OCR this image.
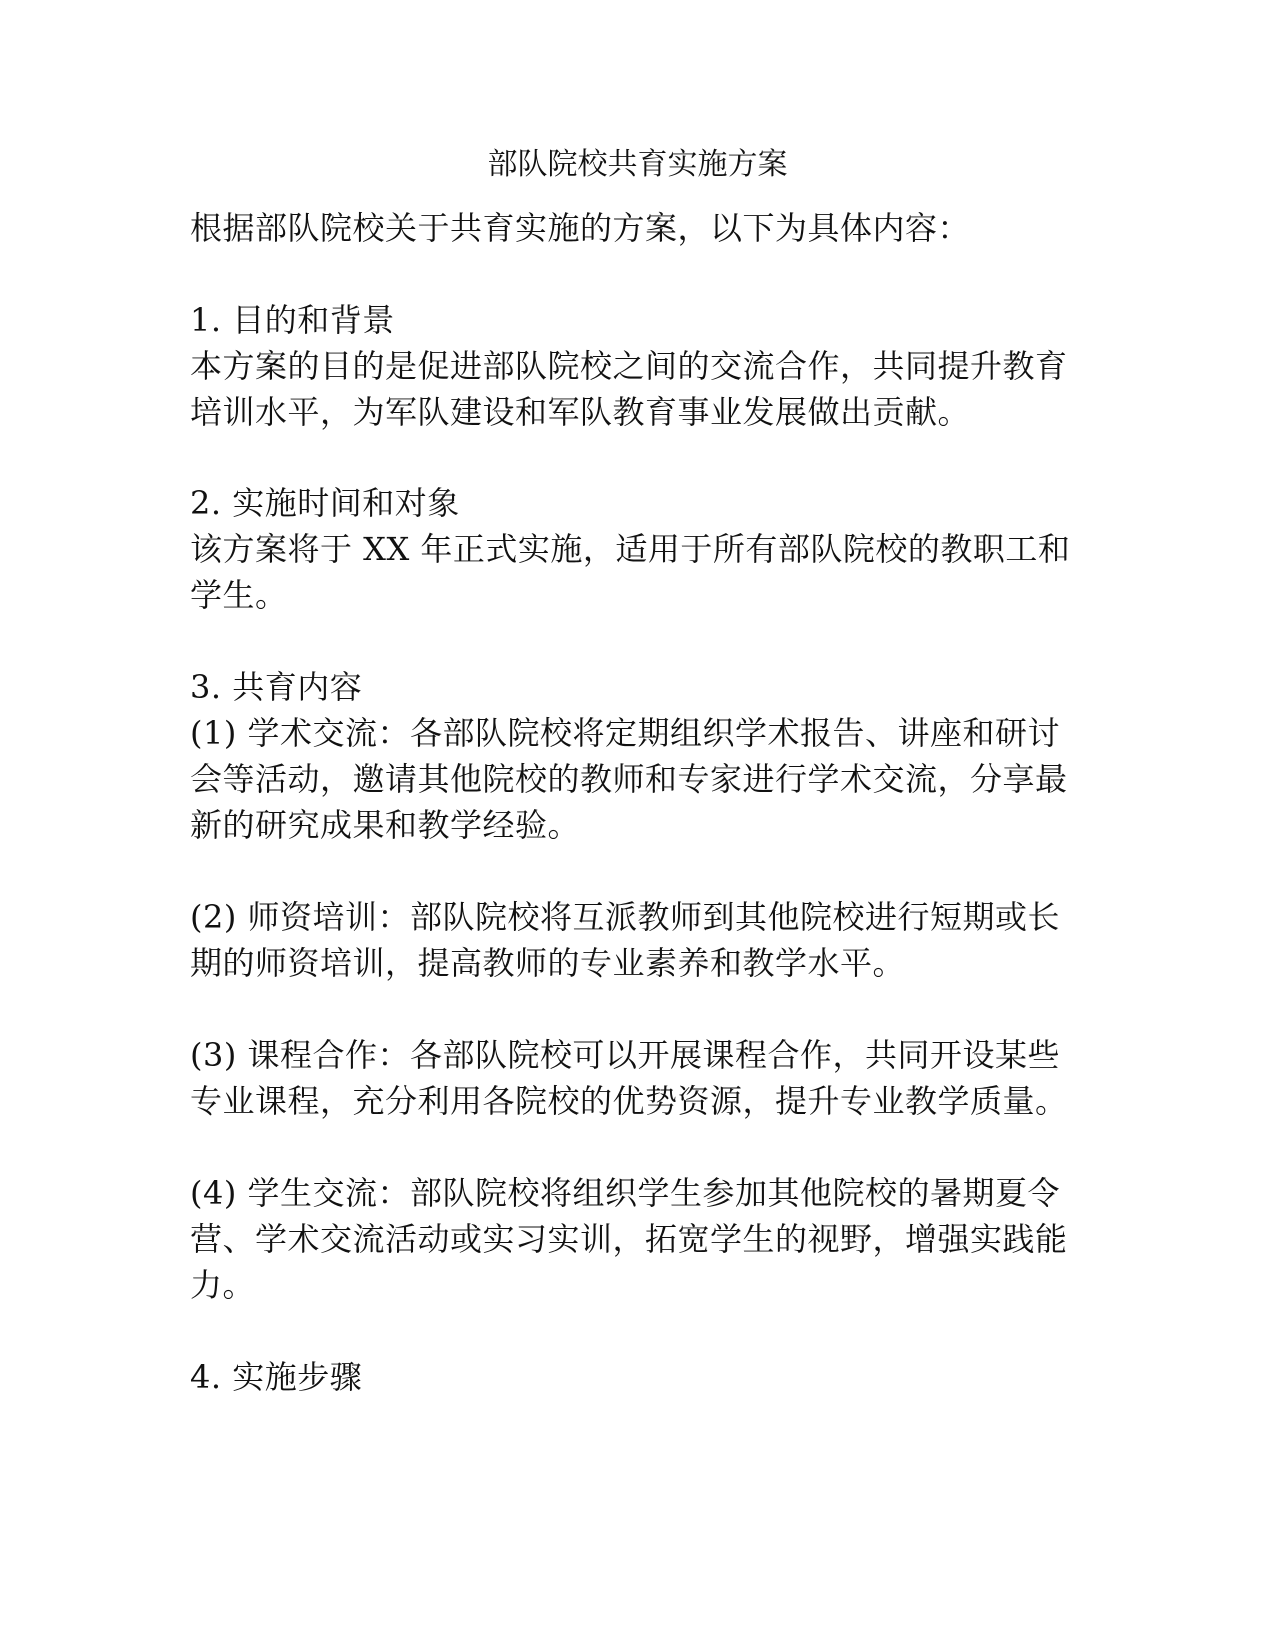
部队院校共育实施方案
根据部队院校关于共育实施的方案，以下为具体内容：
1. 目的和背景
本方案的目的是促进部队院校之间的交流合作，共同提升教育
培训水平，为军队建设和军队教育事业发展做出贡献。
2. 实施时间和对象
该方案将于 XX 年正式实施，适用于所有部队院校的教职工和
学生。
3. 共育内容
(1) 学术交流：各部队院校将定期组织学术报告、讲座和研讨
会等活动，邀请其他院校的教师和专家进行学术交流，分享最
新的研究成果和教学经验。
(2) 师资培训：部队院校将互派教师到其他院校进行短期或长
期的师资培训，提高教师的专业素养和教学水平。
(3) 课程合作：各部队院校可以开展课程合作，共同开设某些
专业课程，充分利用各院校的优势资源，提升专业教学质量。
(4) 学生交流：部队院校将组织学生参加其他院校的暑期夏令
营、学术交流活动或实习实训，拓宽学生的视野，增强实践能
力。
4. 实施步骤
